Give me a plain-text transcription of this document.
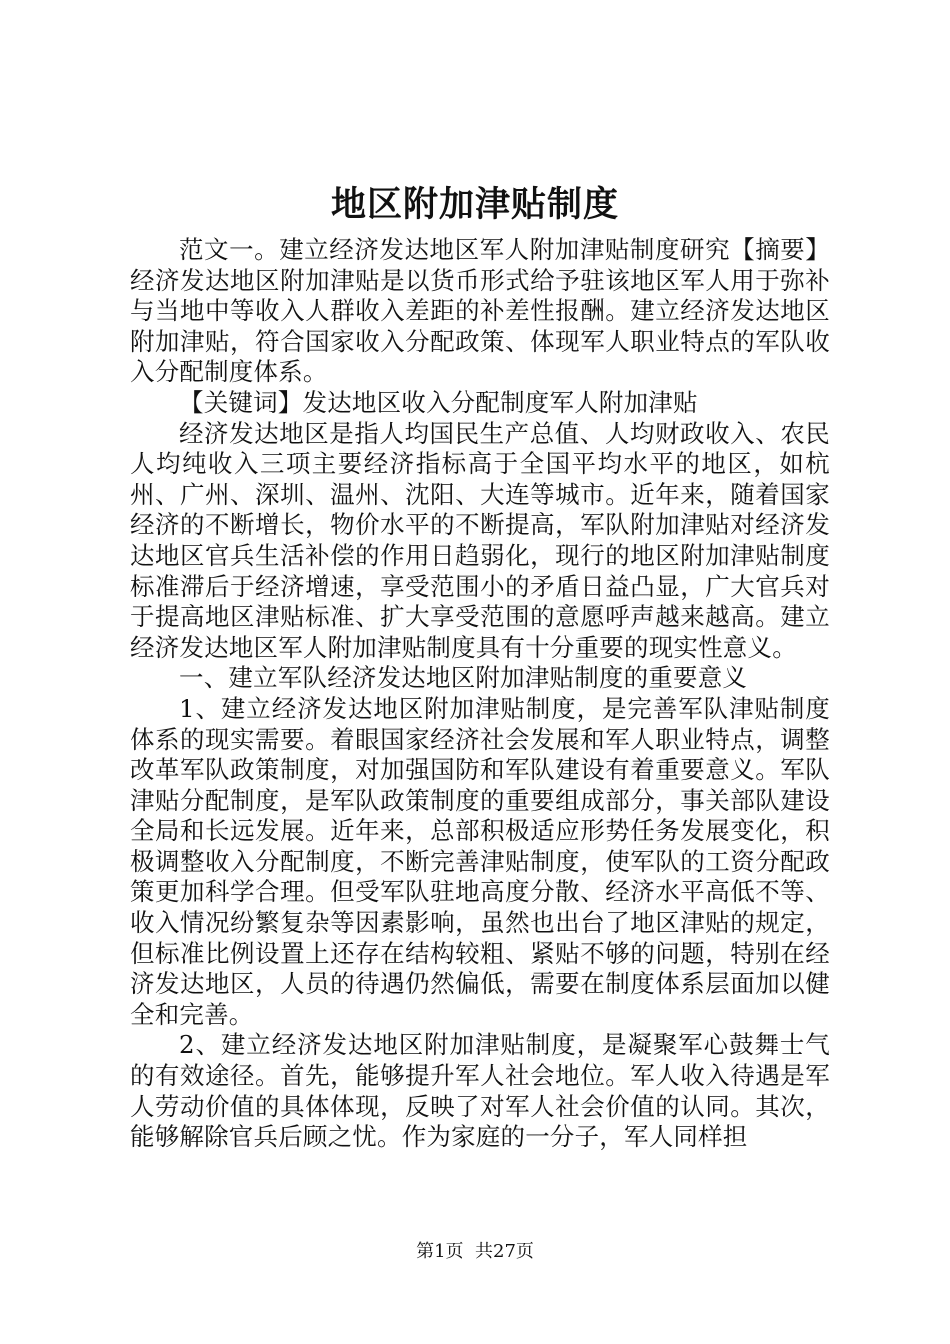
地区附加津贴制度

范文一。建立经济发达地区军人附加津贴制度研究【摘要】经济发达地区附加津贴是以货币形式给予驻该地区军人用于弥补与当地中等收入人群收入差距的补差性报酬。建立经济发达地区附加津贴，符合国家收入分配政策、体现军人职业特点的军队收入分配制度体系。

【关键词】发达地区收入分配制度军人附加津贴

经济发达地区是指人均国民生产总值、人均财政收入、农民人均纯收入三项主要经济指标高于全国平均水平的地区，如杭州、广州、深圳、温州、沈阳、大连等城市。近年来，随着国家经济的不断增长，物价水平的不断提高，军队附加津贴对经济发达地区官兵生活补偿的作用日趋弱化，现行的地区附加津贴制度标准滞后于经济增速，享受范围小的矛盾日益凸显，广大官兵对于提高地区津贴标准、扩大享受范围的意愿呼声越来越高。建立经济发达地区军人附加津贴制度具有十分重要的现实性意义。

一、建立军队经济发达地区附加津贴制度的重要意义

1、建立经济发达地区附加津贴制度，是完善军队津贴制度体系的现实需要。着眼国家经济社会发展和军人职业特点，调整改革军队政策制度，对加强国防和军队建设有着重要意义。军队津贴分配制度，是军队政策制度的重要组成部分，事关部队建设全局和长远发展。近年来，总部积极适应形势任务发展变化，积极调整收入分配制度，不断完善津贴制度，使军队的工资分配政策更加科学合理。但受军队驻地高度分散、经济水平高低不等、收入情况纷繁复杂等因素影响，虽然也出台了地区津贴的规定，但标准比例设置上还存在结构较粗、紧贴不够的问题，特别在经济发达地区，人员的待遇仍然偏低，需要在制度体系层面加以健全和完善。

2、建立经济发达地区附加津贴制度，是凝聚军心鼓舞士气的有效途径。首先，能够提升军人社会地位。军人收入待遇是军人劳动价值的具体体现，反映了对军人社会价值的认同。其次，能够解除官兵后顾之忧。作为家庭的一分子，军人同样担

第1页 共27页
